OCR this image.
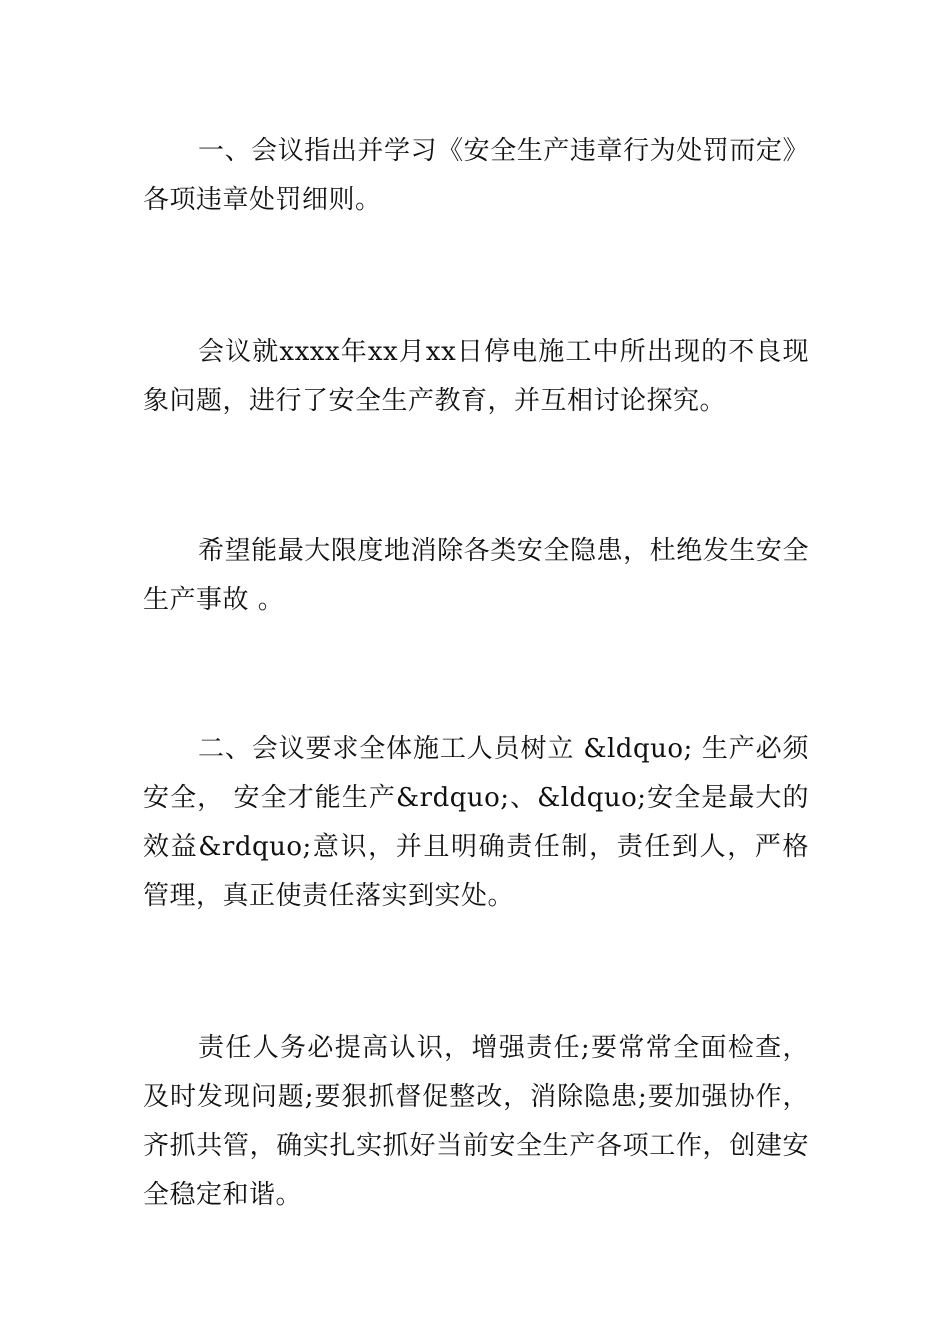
一、会议指出并学习《安全生产违章行为处罚而定》各项违章处罚细则。

会议就xxxx年xx月xx日停电施工中所出现的不良现象问题，进行了安全生产教育，并互相讨论探究。

希望能最大限度地消除各类安全隐患，杜绝发生安全生产事故 。

二、会议要求全体施工人员树立 &ldquo; 生产必须安全， 安全才能生产&rdquo;、&ldquo;安全是最大的效益&rdquo;意识，并且明确责任制，责任到人，严格管理，真正使责任落实到实处。

责任人务必提高认识，增强责任;要常常全面检查，及时发现问题;要狠抓督促整改，消除隐患;要加强协作，齐抓共管，确实扎实抓好当前安全生产各项工作，创建安全稳定和谐。
